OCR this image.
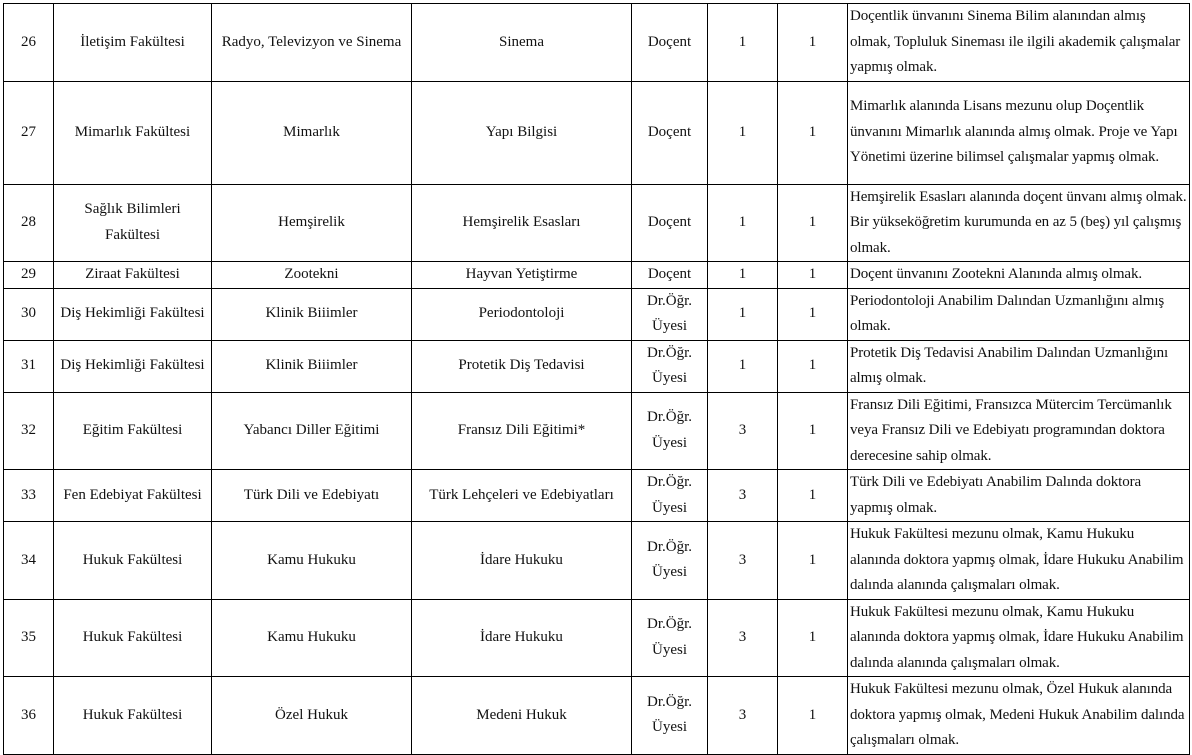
26	İletişim Fakültesi	Radyo, Televizyon ve Sinema	Sinema	Doçent	1	1	Doçentlik ünvanını Sinema Bilim alanından almış olmak, Topluluk Sineması ile ilgili akademik çalışmalar yapmış olmak.
27	Mimarlık Fakültesi	Mimarlık	Yapı Bilgisi	Doçent	1	1	Mimarlık alanında Lisans mezunu olup Doçentlik ünvanını Mimarlık alanında almış olmak. Proje ve Yapı Yönetimi üzerine bilimsel çalışmalar yapmış olmak.
28	Sağlık Bilimleri Fakültesi	Hemşirelik	Hemşirelik Esasları	Doçent	1	1	Hemşirelik Esasları alanında doçent ünvanı almış olmak. Bir yükseköğretim kurumunda en az 5 (beş) yıl çalışmış olmak.
29	Ziraat Fakültesi	Zootekni	Hayvan Yetiştirme	Doçent	1	1	Doçent ünvanını Zootekni Alanında almış olmak.
30	Diş Hekimliği Fakültesi	Klinik Biiimler	Periodontoloji	Dr.Öğr. Üyesi	1	1	Periodontoloji Anabilim Dalından Uzmanlığını almış olmak.
31	Diş Hekimliği Fakültesi	Klinik Biiimler	Protetik Diş Tedavisi	Dr.Öğr. Üyesi	1	1	Protetik Diş Tedavisi Anabilim Dalından Uzmanlığını almış olmak.
32	Eğitim Fakültesi	Yabancı Diller Eğitimi	Fransız Dili Eğitimi*	Dr.Öğr. Üyesi	3	1	Fransız Dili Eğitimi, Fransızca Mütercim Tercümanlık veya Fransız Dili ve Edebiyatı programından doktora derecesine sahip olmak.
33	Fen Edebiyat Fakültesi	Türk Dili ve Edebiyatı	Türk Lehçeleri ve Edebiyatları	Dr.Öğr. Üyesi	3	1	Türk Dili ve Edebiyatı Anabilim Dalında doktora yapmış olmak.
34	Hukuk Fakültesi	Kamu Hukuku	İdare Hukuku	Dr.Öğr. Üyesi	3	1	Hukuk Fakültesi mezunu olmak, Kamu Hukuku alanında doktora yapmış olmak, İdare Hukuku Anabilim dalında alanında çalışmaları olmak.
35	Hukuk Fakültesi	Kamu Hukuku	İdare Hukuku	Dr.Öğr. Üyesi	3	1	Hukuk Fakültesi mezunu olmak, Kamu Hukuku alanında doktora yapmış olmak, İdare Hukuku Anabilim dalında alanında çalışmaları olmak.
36	Hukuk Fakültesi	Özel Hukuk	Medeni Hukuk	Dr.Öğr. Üyesi	3	1	Hukuk Fakültesi mezunu olmak, Özel Hukuk alanında doktora yapmış olmak, Medeni Hukuk Anabilim dalında çalışmaları olmak.
